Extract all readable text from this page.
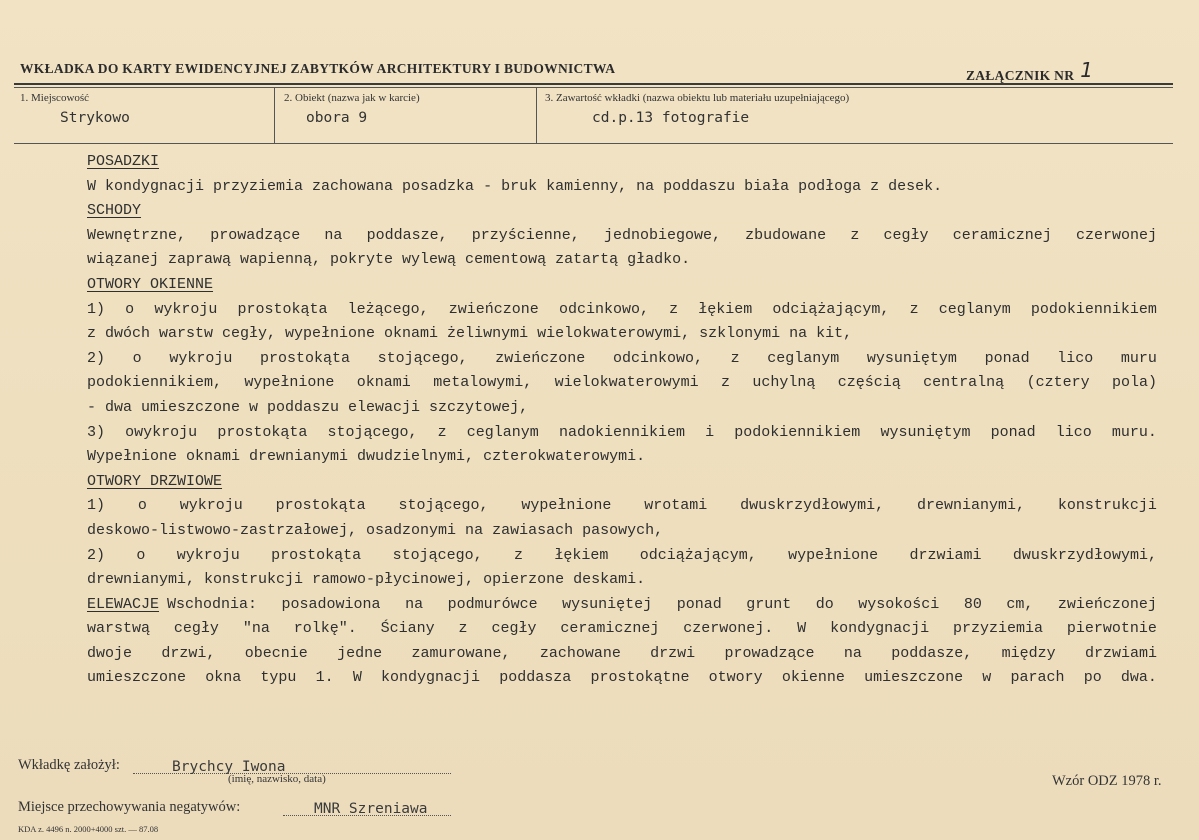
WKŁADKA DO KARTY EWIDENCYJNEJ ZABYTKÓW ARCHITEKTURY I BUDOWNICTWA	ZAŁĄCZNIK NR 1
1. Miejscowość
Strykowo
2. Obiekt (nazwa jak w karcie)
obora 9
3. Zawartość wkładki (nazwa obiektu lub materiału uzupełniającego)
cd.p.13 fotografie
POSADZKI
W kondygnacji przyziemia zachowana posadzka - bruk kamienny, na poddaszu biała podłoga z desek.
SCHODY
Wewnętrzne, prowadzące na poddasze, przyścienne, jednobiegowe, zbudowane z cegły ceramicznej czerwonej
wiązanej zaprawą wapienną, pokryte wylewą cementową zatartą gładko.
OTWORY OKIENNE
1) o wykroju prostokąta leżącego, zwieńczone odcinkowo, z łękiem odciążającym, z ceglanym podokiennikiem
z dwóch warstw cegły, wypełnione oknami żeliwnymi wielokwaterowymi, szklonymi na kit,
2) o wykroju prostokąta stojącego, zwieńczone odcinkowo, z ceglanym wysuniętym ponad lico muru
podokiennikiem, wypełnione oknami metalowymi, wielokwaterowymi z uchylną częścią centralną (cztery pola)
- dwa umieszczone w poddaszu elewacji szczytowej,
3) owykroju prostokąta stojącego, z ceglanym nadokiennikiem i podokiennikiem wysuniętym ponad lico muru.
Wypełnione oknami drewnianymi dwudzielnymi, czterokwaterowymi.
OTWORY DRZWIOWE
1) o wykroju prostokąta stojącego, wypełnione wrotami dwuskrzydłowymi, drewnianymi, konstrukcji
deskowo-listwowo-zastrzałowej, osadzonymi na zawiasach pasowych,
2) o wykroju prostokąta stojącego, z łękiem odciążającym, wypełnione drzwiami dwuskrzydłowymi,
drewnianymi, konstrukcji ramowo-płycinowej, opierzone deskami.
ELEWACJE Wschodnia: posadowiona na podmurówce wysuniętej ponad grunt do wysokości 80 cm, zwieńczonej
warstwą cegły "na rolkę". Ściany z cegły ceramicznej czerwonej. W kondygnacji przyziemia pierwotnie
dwoje drzwi, obecnie jedne zamurowane, zachowane drzwi prowadzące na poddasze, między drzwiami
umieszczone okna typu 1. W kondygnacji poddasza prostokątne otwory okienne umieszczone w parach po dwa.
Wkładkę założył:	Brychcy Iwona
(imię, nazwisko, data)	Wzór ODZ 1978 r.
Miejsce przechowywania negatywów:	MNR Szreniawa
KDA z. 4496 n. 2000+4000 szt. — 87.08
